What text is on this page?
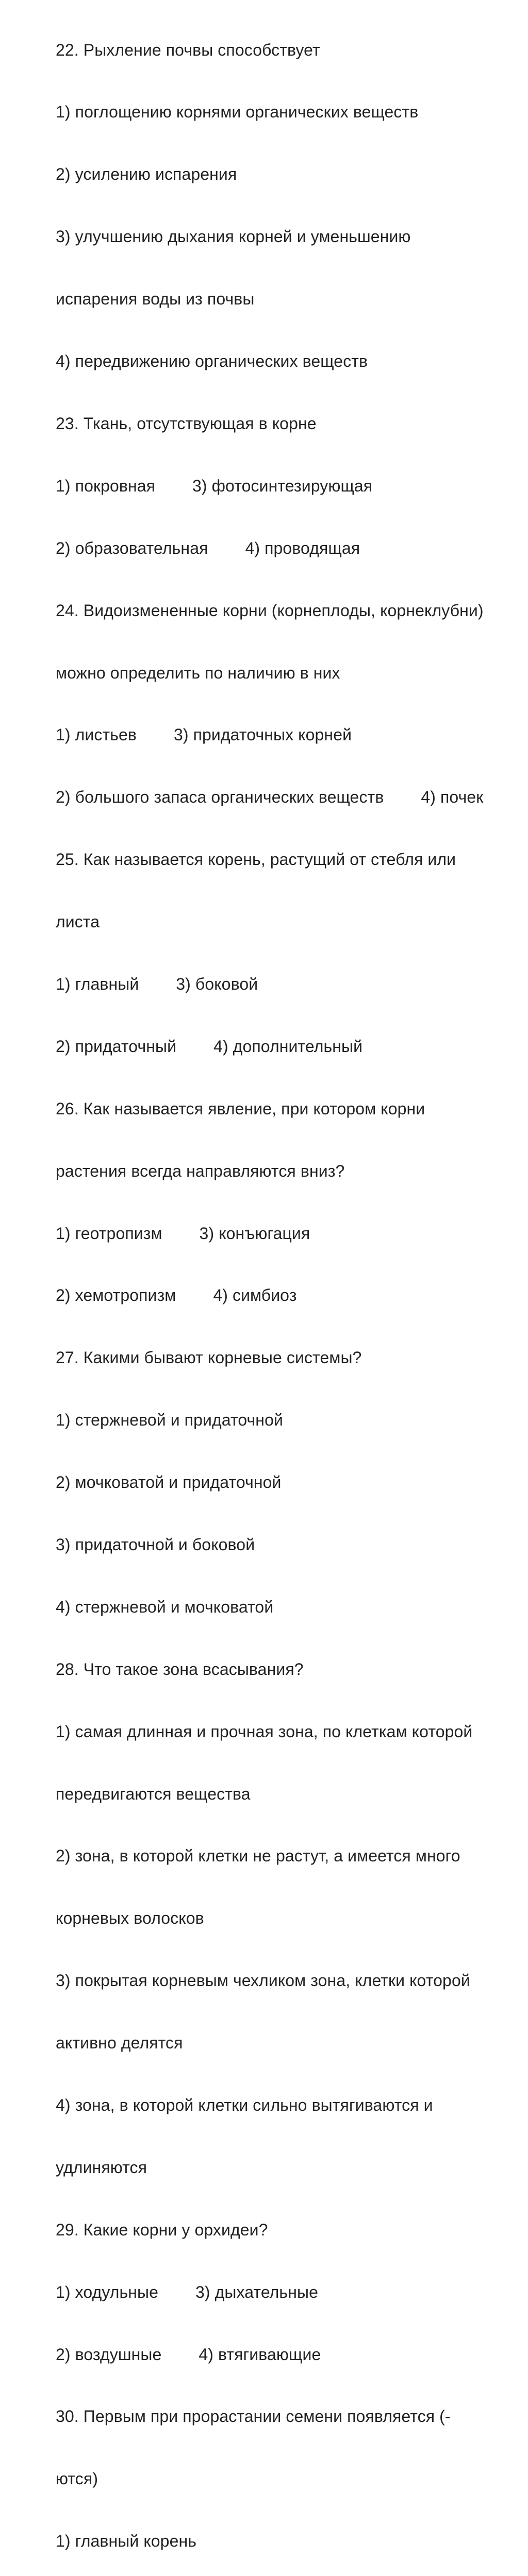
22. Рыхление почвы способствует

1) поглощению корнями органических веществ

2) усилению испарения

3) улучшению дыхания корней и уменьшению

испарения воды из почвы

4) передвижению органических веществ

23. Ткань, отсутствующая в корне

1) покровная        3) фотосинтезирующая

2) образовательная        4) проводящая

24. Видоизмененные корни (корнеплоды, корнеклубни)

можно определить по наличию в них

1) листьев        3) придаточных корней

2) большого запаса органических веществ        4) почек

25. Как называется корень, растущий от стебля или

листа

1) главный        3) боковой

2) придаточный        4) дополнительный

26. Как называется явление, при котором корни

растения всегда направляются вниз?

1) геотропизм        3) конъюгация

2) хемотропизм        4) симбиоз

27. Какими бывают корневые системы?

1) стержневой и придаточной

2) мочковатой и придаточной

3) придаточной и боковой

4) стержневой и мочковатой

28. Что такое зона всасывания?

1) самая длинная и прочная зона, по клеткам которой

передвигаются вещества

2) зона, в которой клетки не растут, а имеется много

корневых волосков

3) покрытая корневым чехликом зона, клетки которой

активно делятся

4) зона, в которой клетки сильно вытягиваются и

удлиняются

29. Какие корни у орхидеи?

1) ходульные        3) дыхательные

2) воздушные        4) втягивающие

30. Первым при прорастании семени появляется (-

ются)

1) главный корень
